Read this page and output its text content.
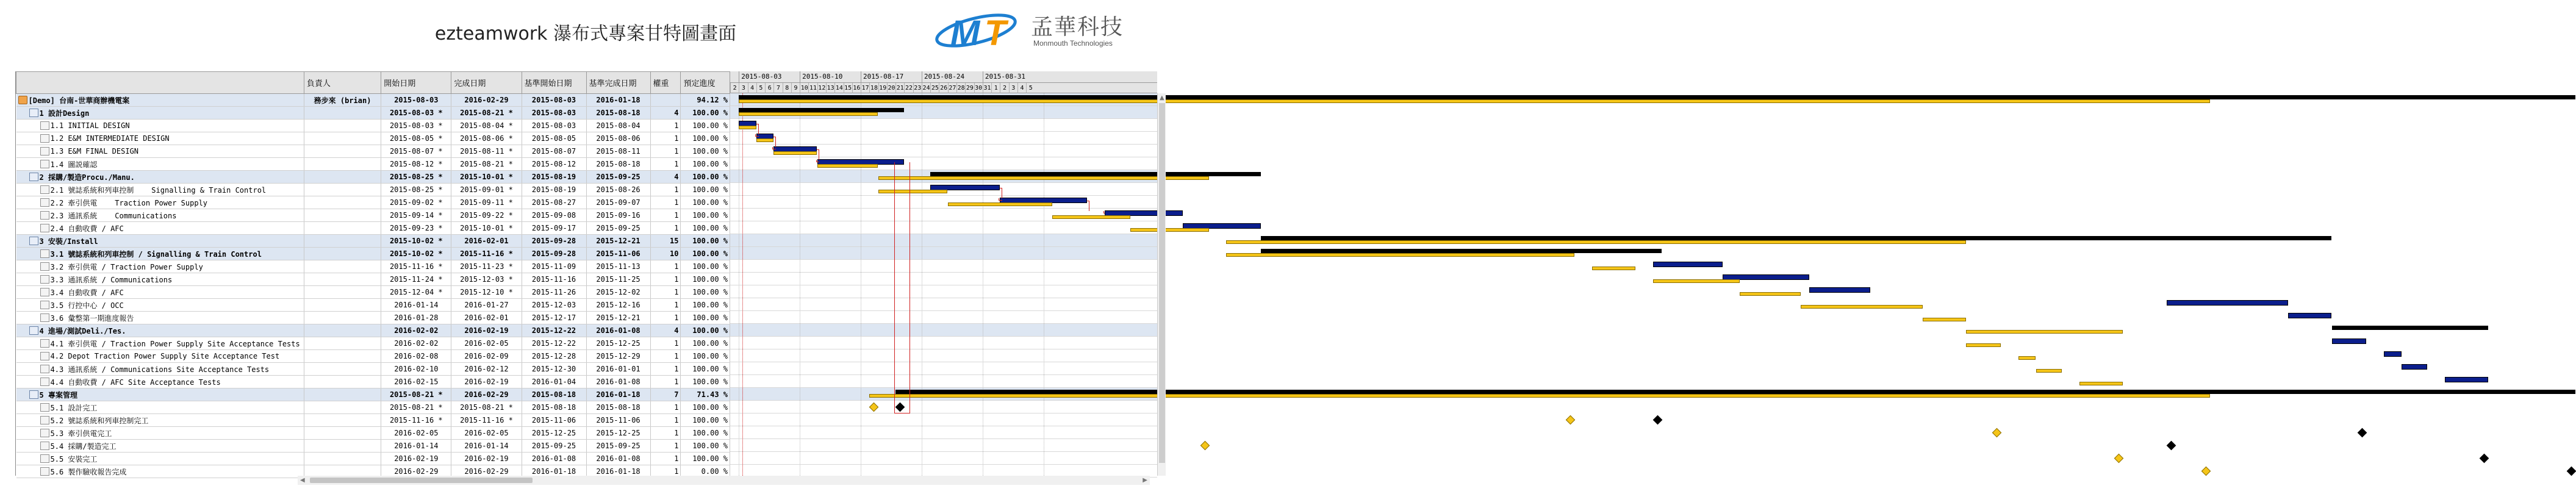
ezteamwork 瀑布式專案甘特圖畫面	M T 孟華科技
Monmouth Technologies
	負責人	開始日期	完成日期	基準開始日期	基準完成日期	權重	預定進度

[Demo] 台南-世華商辦機電案	務步來 (brian)	2015-08-03	2016-02-29	2015-08-03	2016-01-18		94.12 %

1 設計Design		2015-08-03 *	2015-08-21 *	2015-08-03	2015-08-18	4	100.00 %

1.1 INITIAL DESIGN		2015-08-03 *	2015-08-04 *	2015-08-03	2015-08-04	1	100.00 %

1.2 E&M INTERMEDIATE DESIGN		2015-08-05 *	2015-08-06 *	2015-08-05	2015-08-06	1	100.00 %

1.3 E&M FINAL DESIGN		2015-08-07 *	2015-08-11 *	2015-08-07	2015-08-11	1	100.00 %

1.4 圖説確認		2015-08-12 *	2015-08-21 *	2015-08-12	2015-08-18	1	100.00 %

2 採購/製造Procu./Manu.		2015-08-25 *	2015-10-01 *	2015-08-19	2015-09-25	4	100.00 %

2.1 號誌系統和列車控制    Signalling & Train Control		2015-08-25 *	2015-09-01 *	2015-08-19	2015-08-26	1	100.00 %

2.2 牽引供電    Traction Power Supply		2015-09-02 *	2015-09-11 *	2015-08-27	2015-09-07	1	100.00 %

2.3 通訊系統    Communications		2015-09-14 *	2015-09-22 *	2015-09-08	2015-09-16	1	100.00 %

2.4 自動收費 / AFC		2015-09-23 *	2015-10-01 *	2015-09-17	2015-09-25	1	100.00 %

3 安裝/Install		2015-10-02 *	2016-02-01	2015-09-28	2015-12-21	15	100.00 %

3.1 號誌系統和列車控制 / Signalling & Train Control		2015-10-02 *	2015-11-16 *	2015-09-28	2015-11-06	10	100.00 %

3.2 牽引供電 / Traction Power Supply		2015-11-16 *	2015-11-23 *	2015-11-09	2015-11-13	1	100.00 %

3.3 通訊系統 / Communications		2015-11-24 *	2015-12-03 *	2015-11-16	2015-11-25	1	100.00 %

3.4 自動收費 / AFC		2015-12-04 *	2015-12-10 *	2015-11-26	2015-12-02	1	100.00 %

3.5 行控中心 / OCC		2016-01-14	2016-01-27	2015-12-03	2015-12-16	1	100.00 %

3.6 彙整第一期進度報告		2016-01-28	2016-02-01	2015-12-17	2015-12-21	1	100.00 %

4 進場/測試Deli./Tes.		2016-02-02	2016-02-19	2015-12-22	2016-01-08	4	100.00 %

4.1 牽引供電 / Traction Power Supply Site Acceptance Tests		2016-02-02	2016-02-05	2015-12-22	2015-12-25	1	100.00 %

4.2 Depot Traction Power Supply Site Acceptance Test		2016-02-08	2016-02-09	2015-12-28	2015-12-29	1	100.00 %

4.3 通訊系統 / Communications Site Acceptance Tests		2016-02-10	2016-02-12	2015-12-30	2016-01-01	1	100.00 %

4.4 自動收費 / AFC Site Acceptance Tests		2016-02-15	2016-02-19	2016-01-04	2016-01-08	1	100.00 %

5 專案管理		2015-08-21 *	2016-02-29	2015-08-18	2016-01-18	7	71.43 %

5.1 設計完工		2015-08-21 *	2015-08-21 *	2015-08-18	2015-08-18	1	100.00 %

5.2 號誌系統和列車控制完工		2015-11-16 *	2015-11-16 *	2015-11-06	2015-11-06	1	100.00 %

5.3 牽引供電完工		2016-02-05	2016-02-05	2015-12-25	2015-12-25	1	100.00 %

5.4 採購/製造完工		2016-01-14	2016-01-14	2015-09-25	2015-09-25	1	100.00 %

5.5 安裝完工		2016-02-19	2016-02-19	2016-01-08	2016-01-08	1	100.00 %

5.6 製作驗收報告完成		2016-02-29	2016-02-29	2016-01-18	2016-01-18	1	0.00 %
2015-08-03	2015-08-10	2015-08-17	2015-08-24	2015-08-31
2 3 4 5 6 7 8 9 10 11 12 13 14 15 16 17 18 19 20 21 22 23 24 25 26 27 28 29 30 31 1 2 3 4 5
▲
◀	▶
